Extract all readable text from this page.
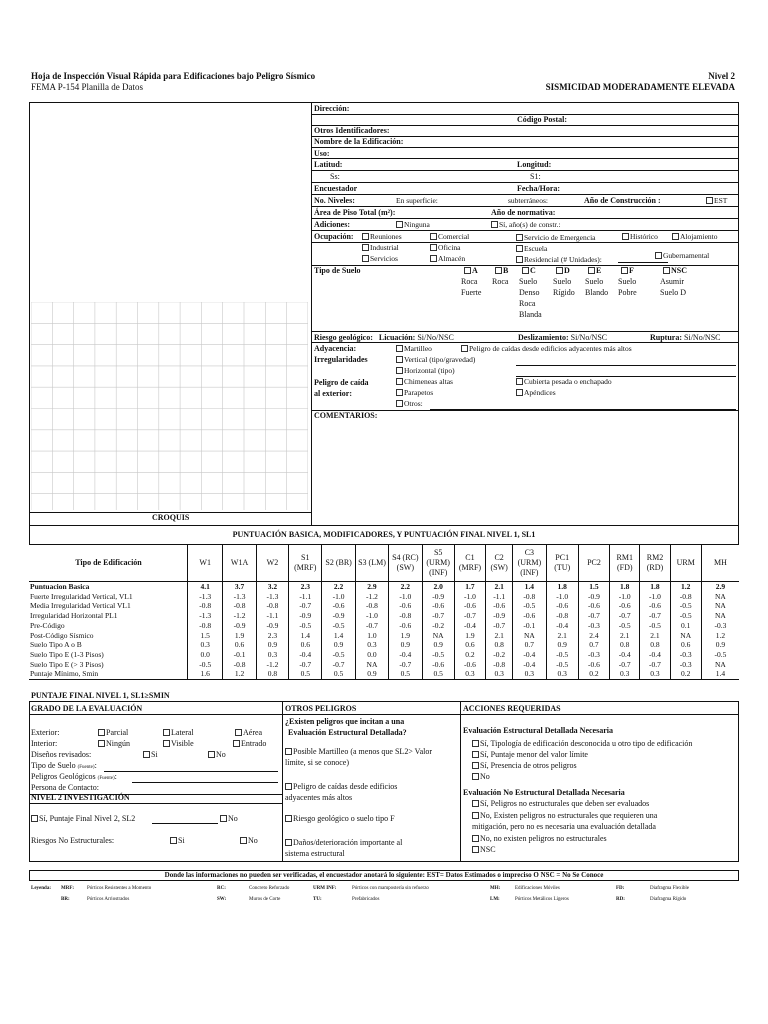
Hoja de Inspección Visual Rápida para Edificaciones bajo Peligro Sísmico
FEMA P-154 Planilla de Datos
Nivel 2
SISMICIDAD MODERADAMENTE ELEVADA
CROQUIS
Dirección:
Código Postal:
Otros Identificadores:
Nombre de la Edificación:
Uso:
Latitud:	Longitud:
Ss:	S1:
Encuestador	Fecha/Hora:
No. Niveles:	En superficie:	subterráneos:	Año de Construcción :	EST
Área de Piso Total (m²):	Año de normativa:
Adiciones:	Ninguna	Sí, año(s) de constr.:
Ocupación:	Reuniones	Comercial	Servicio de Emergencia	Histórico	Alojamiento
Industrial	Oficina	Escuela
Gubernamental
Servicios	Almacén	Residencial (# Unidades):
Tipo de Suelo	A
Roca
Fuerte
B
Roca
C
Suelo
Denso
Roca
Blanda
D
Suelo
Rígido
E
Suelo
Blando
F
Suelo
Pobre
NSC
Asumir
Suelo D
Riesgo geológico: Licuación: Si/No/NSC	Deslizamiento: Si/No/NSC	Ruptura: Si/No/NSC
Adyacencia:	Martilleo	Peligro de caídas desde edificios adyacentes más altos
Irregularidades	Vertical (tipo/gravedad)
Horizontal (tipo)
Peligro de caída
al exterior:
Chimeneas altas	Cubierta pesada o enchapado
Parapetos	Apéndices
Otros:
COMENTARIOS:
PUNTUACIÓN BASICA, MODIFICADORES, Y PUNTUACIÓN FINAL NIVEL 1, SL1
Tipo de Edificación	W1	W1A	W2	S1 (MRF)	S2 (BR)	S3 (LM)	S4 (RC) (SW)	S5 (URM) (INF)	C1 (MRF)	C2 (SW)	C3 (URM) (INF)	PC1 (TU)	PC2	RM1 (FD)	RM2 (RD)	URM	MH
Puntuacion Basica	4.1	3.7	3.2	2.3	2.2	2.9	2.2	2.0	1.7	2.1	1.4	1.8	1.5	1.8	1.8	1.2	2.9
Fuerte Irregularidad Vertical, VL1	-1.3	-1.3	-1.3	-1.1	-1.0	-1.2	-1.0	-0.9	-1.0	-1.1	-0.8	-1.0	-0.9	-1.0	-1.0	-0.8	NA
Media Irregularidad Vertical VL1	-0.8	-0.8	-0.8	-0.7	-0.6	-0.8	-0.6	-0.6	-0.6	-0.6	-0.5	-0.6	-0.6	-0.6	-0.6	-0.5	NA
Irregularidad Horizontal PL1	-1.3	-1.2	-1.1	-0.9	-0.9	-1.0	-0.8	-0.7	-0.7	-0.9	-0.6	-0.8	-0.7	-0.7	-0.7	-0.5	NA
Pre-Código	-0.8	-0.9	-0.9	-0.5	-0.5	-0.7	-0.6	-0.2	-0.4	-0.7	-0.1	-0.4	-0.3	-0.5	-0.5	0.1	-0.3
Post-Código Sísmico	1.5	1.9	2.3	1.4	1.4	1.0	1.9	NA	1.9	2.1	NA	2.1	2.4	2.1	2.1	NA	1.2
Suelo Tipo A o B	0.3	0.6	0.9	0.6	0.9	0.3	0.9	0.9	0.6	0.8	0.7	0.9	0.7	0.8	0.8	0.6	0.9
Suelo Tipo E (1-3 Pisos)	0.0	-0.1	0.3	-0.4	-0.5	0.0	-0.4	-0.5	0.2	-0.2	-0.4	-0.5	-0.3	-0.4	-0.4	-0.3	-0.5
Suelo Tipo E (> 3 Pisos)	-0.5	-0.8	-1.2	-0.7	-0.7	NA	-0.7	-0.6	-0.6	-0.8	-0.4	-0.5	-0.6	-0.7	-0.7	-0.3	NA
Puntaje Mínimo, Smin	1.6	1.2	0.8	0.5	0.5	0.9	0.5	0.5	0.3	0.3	0.3	0.3	0.2	0.3	0.3	0.2	1.4
PUNTAJE FINAL NIVEL 1, SL1≥SMIN
GRADO DE LA EVALUACIÓN
Exterior:	Parcial	Lateral	Aérea
Interior:	Ningún	Visible	Entrado
Diseños revisados:	Si	No
Tipo de Suelo (Fuente):
Peligros Geológicos (Fuente):
Persona de Contacto:
NIVEL 2 INVESTIGACIÓN
Sí, Puntaje Final Nivel 2, SL2	No
Riesgos No Estructurales:	Si	No
OTROS PELIGROS
¿Existen peligros que incitan a una
Evaluación Estructural Detallada?
Posible Martilleo (a menos que SL2> Valor
límite, si se conoce)
Peligro de caídas desde edificios
adyacentes más altos
Riesgo geológico o suelo tipo F
Daños/deterioración importante al
sistema estructural
ACCIONES REQUERIDAS
Evaluación Estructural Detallada Necesaria
Sí, Tipología de edificación desconocida u otro tipo de edificación
Sí, Puntaje menor del valor límite
Sí, Presencia de otros peligros
No
Evaluación No Estructural Detallada Necesaria
Sí, Peligros no estructurales que deben ser evaluados
No, Existen peligros no estructurales que requieren una
mitigación, pero no es necesaria una evaluación detallada
No, no existen peligros no estructurales
NSC
Donde las informaciones no pueden ser verificadas, el encuestador anotará lo siguiente: EST= Datos Estimados o impreciso O NSC = No Se Conoce
Leyenda: MRF:	Pórticos Resistentes a Momento	RC:	Concreto Reforzado	URM INF:	Pórticos con mampostería sin refuerzo	MH:	Edificaciones Móviles	FD:	Diafragma Flexible
BR:	Pórticos Arriostrados	SW:	Muros de Corte	TU:	Prefabricados	LM:	Pórticos Metálicos Ligeros	RD:	Diafragma Rígido
